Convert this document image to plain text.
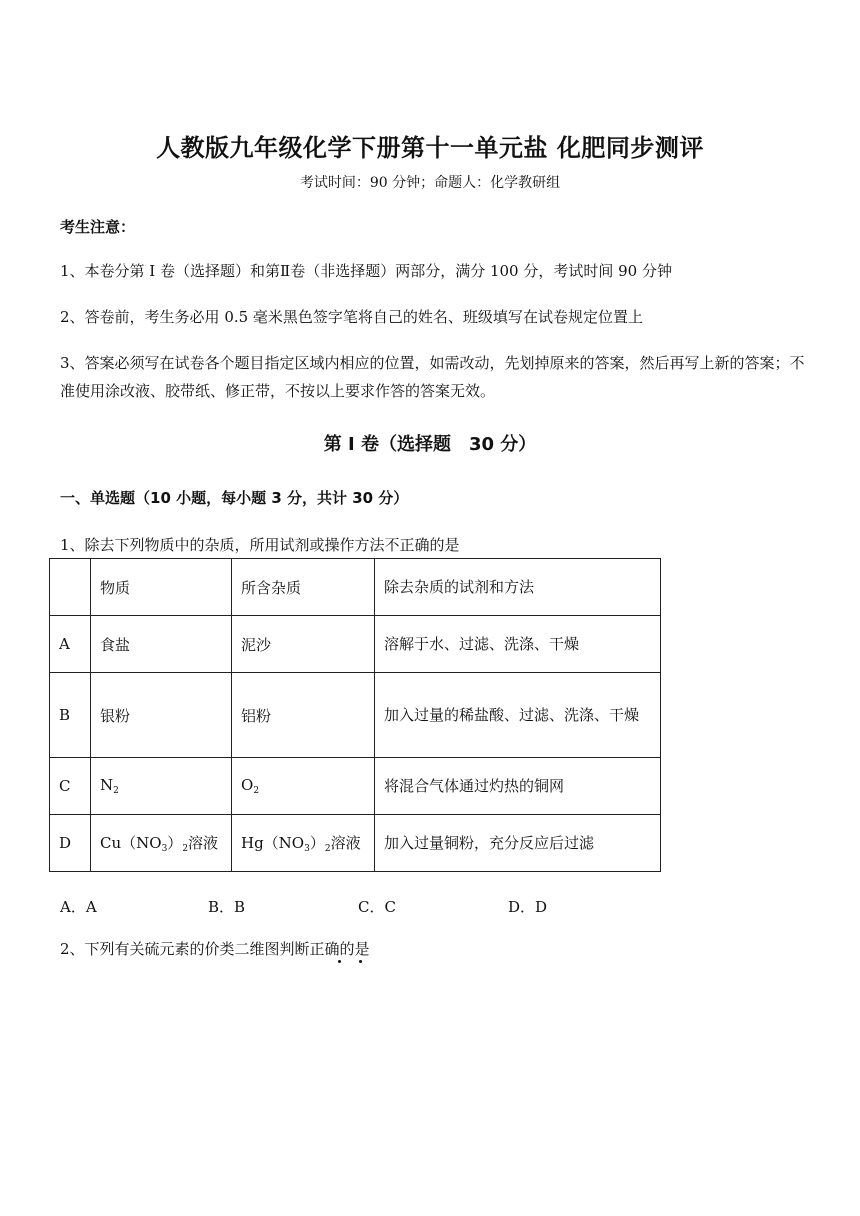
人教版九年级化学下册第十一单元盐 化肥同步测评
考试时间：90 分钟；命题人：化学教研组
考生注意：
1、本卷分第 I 卷（选择题）和第Ⅱ卷（非选择题）两部分，满分 100 分，考试时间 90 分钟
2、答卷前，考生务必用 0.5 毫米黑色签字笔将自己的姓名、班级填写在试卷规定位置上
3、答案必须写在试卷各个题目指定区域内相应的位置，如需改动，先划掉原来的答案，然后再写上新的答案；不准使用涂改液、胶带纸、修正带，不按以上要求作答的答案无效。
第 I 卷（选择题　30 分）
一、单选题（10 小题，每小题 3 分，共计 30 分）
1、除去下列物质中的杂质，所用试剂或操作方法不正确的是
	物质	所含杂质	除去杂质的试剂和方法
A	食盐	泥沙	溶解于水、过滤、洗涤、干燥
B	银粉	铝粉	加入过量的稀盐酸、过滤、洗涤、干燥
C	$N_2$	$O_2$	将混合气体通过灼热的铜网
D	$Cu(NO_3)_2$溶液	$Hg(NO_3)_2$溶液	加入过量铜粉，充分反应后过滤
A．A	B．B	C．C	D．D
2、下列有关硫元素的价类二维图判断正确的是
